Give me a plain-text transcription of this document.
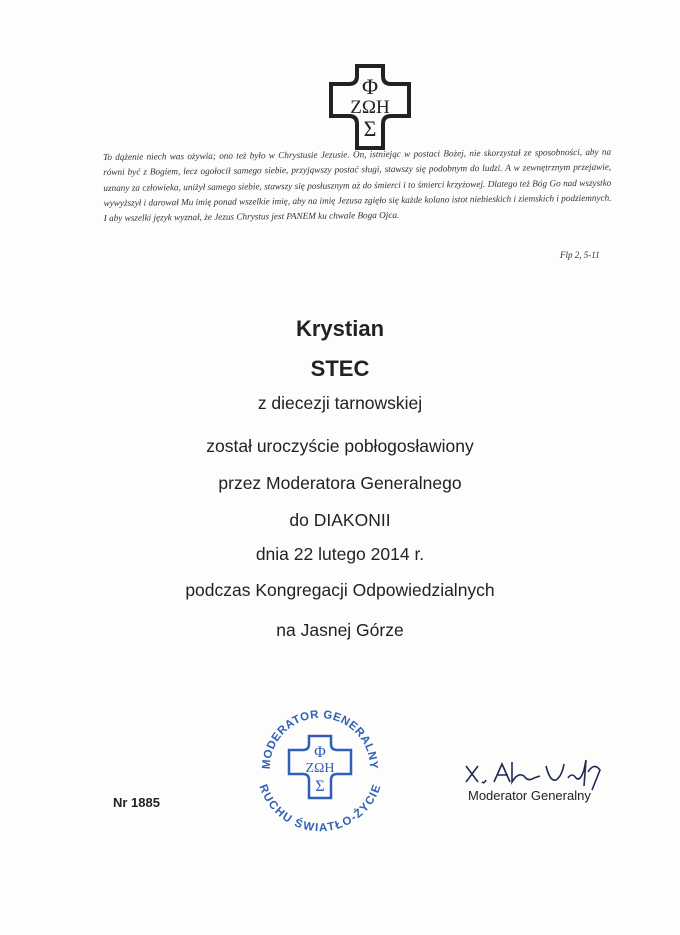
Φ
ΖΩΗ
Σ
To dążenie niech was ożywia; ono też było w Chrystusie Jezusie. On, istniejąc w postaci Bożej, nie skorzystał ze sposobności, aby na równi być z Bogiem, lecz ogołocił samego siebie, przyjąwszy postać sługi, stawszy się podobnym do ludzi. A w zewnętrznym przejawie, uznany za człowieka, uniżył samego siebie, stawszy się posłusznym aż do śmierci i to śmierci krzyżowej. Dlatego też Bóg Go nad wszystko wywyższył i darował Mu imię ponad wszelkie imię, aby na imię Jezusa zgięło się każde kolano istot niebieskich i ziemskich i podziemnych. I aby wszelki język wyznał, że Jezus Chrystus jest PANEM ku chwale Boga Ojca.
Flp 2, 5-11
Krystian
STEC
z diecezji tarnowskiej
został uroczyście pobłogosławiony
przez Moderatora Generalnego
do DIAKONII
dnia 22 lutego 2014 r.
podczas Kongregacji Odpowiedzialnych
na Jasnej Górze
MODERATOR GENERALNY
RUCHU ŚWIATŁO-ŻYCIE
Φ
ΖΩΗ
Σ
Moderator Generalny
Nr 1885
